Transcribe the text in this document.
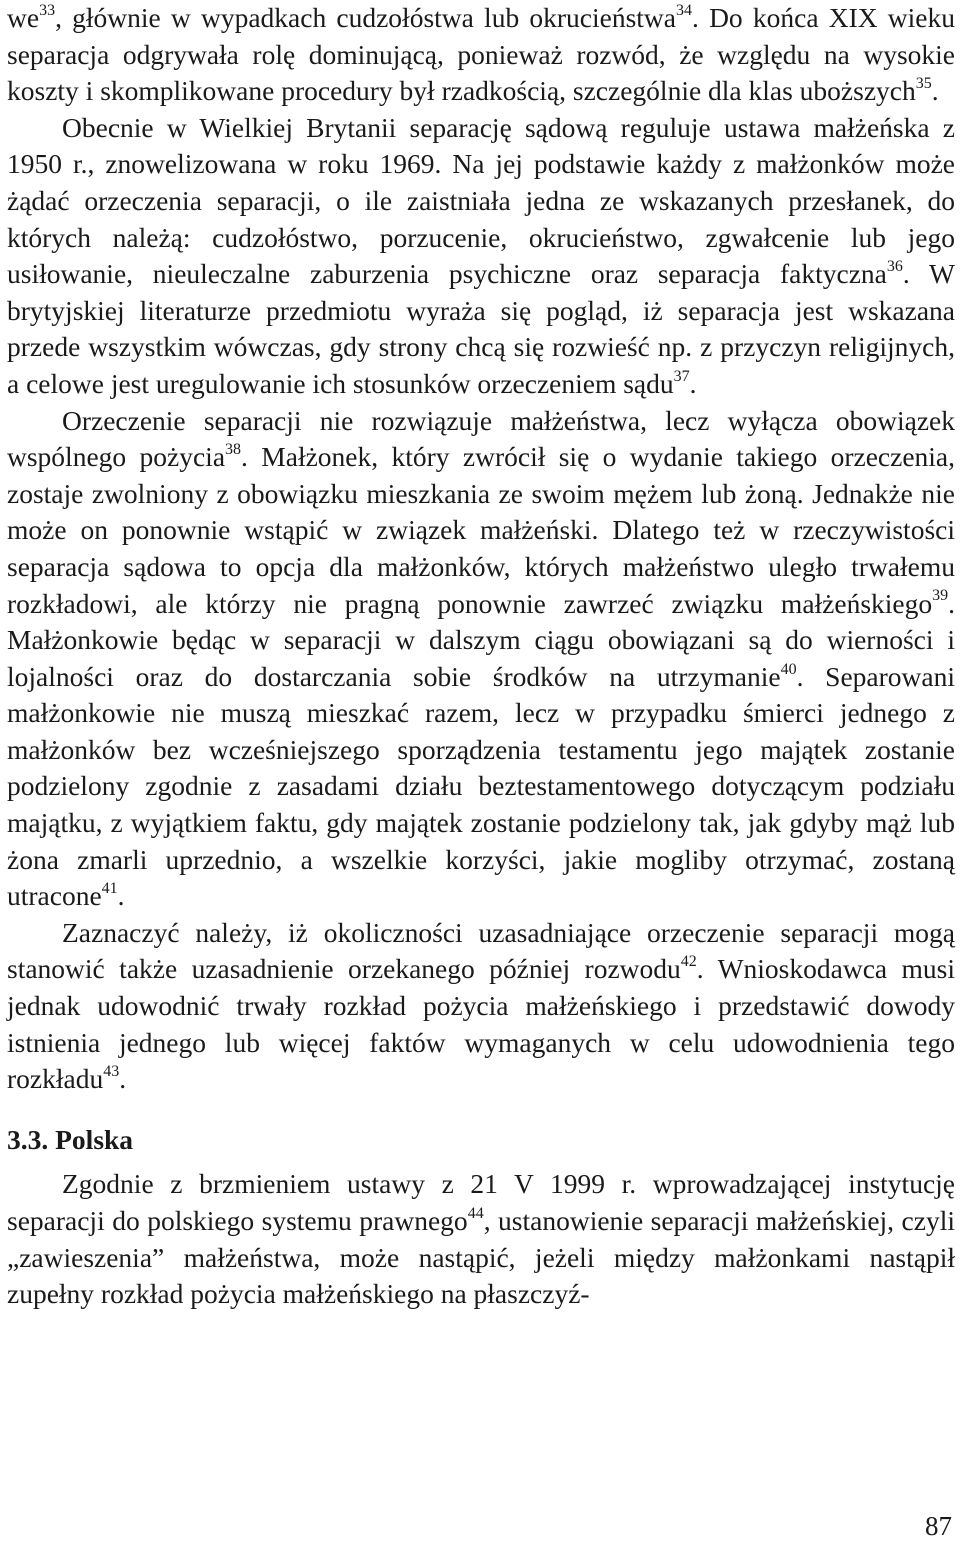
$we^{33}$, głównie w wypadkach cudzołóstwa lub okrucieństwa$^{34}$. Do końca XIX wieku separacja odgrywała rolę dominującą, ponieważ rozwód, że względu na wysokie koszty i skomplikowane procedury był rzadkością, szczególnie dla klas uboższych$^{35}$.

Obecnie w Wielkiej Brytanii separację sądową reguluje ustawa małżeńska z 1950 r., znowelizowana w roku 1969. Na jej podstawie każdy z małżonków może żądać orzeczenia separacji, o ile zaistniała jedna ze wskazanych przesłanek, do których należą: cudzołóstwo, porzucenie, okrucieństwo, zgwałcenie lub jego usiłowanie, nieuleczalne zaburzenia psychiczne oraz separacja faktyczna$^{36}$. W brytyjskiej literaturze przedmiotu wyraża się pogląd, iż separacja jest wskazana przede wszystkim wówczas, gdy strony chcą się rozwieść np. z przyczyn religijnych, a celowe jest uregulowanie ich stosunków orzeczeniem sądu$^{37}$.

Orzeczenie separacji nie rozwiązuje małżeństwa, lecz wyłącza obowiązek wspólnego pożycia$^{38}$. Małżonek, który zwrócił się o wydanie takiego orzeczenia, zostaje zwolniony z obowiązku mieszkania ze swoim mężem lub żoną. Jednakże nie może on ponownie wstąpić w związek małżeński. Dlatego też w rzeczywistości separacja sądowa to opcja dla małżonków, których małżeństwo uległo trwałemu rozkładowi, ale którzy nie pragną ponownie zawrzeć związku małżeńskiego$^{39}$. Małżonkowie będąc w separacji w dalszym ciągu obowiązani są do wierności i lojalności oraz do dostarczania sobie środków na utrzymanie$^{40}$. Separowani małżonkowie nie muszą mieszkać razem, lecz w przypadku śmierci jednego z małżonków bez wcześniejszego sporządzenia testamentu jego majątek zostanie podzielony zgodnie z zasadami działu beztestamentowego dotyczącym podziału majątku, z wyjątkiem faktu, gdy majątek zostanie podzielony tak, jak gdyby mąż lub żona zmarli uprzednio, a wszelkie korzyści, jakie mogliby otrzymać, zostaną utracone$^{41}$.

Zaznaczyć należy, iż okoliczności uzasadniające orzeczenie separacji mogą stanowić także uzasadnienie orzekanego później rozwodu$^{42}$. Wnioskodawca musi jednak udowodnić trwały rozkład pożycia małżeńskiego i przedstawić dowody istnienia jednego lub więcej faktów wymaganych w celu udowodnienia tego rozkładu$^{43}$.

3.3. Polska

Zgodnie z brzmieniem ustawy z 21 V 1999 r. wprowadzającej instytucję separacji do polskiego systemu prawnego$^{44}$, ustanowienie separacji małżeńskiej, czyli „zawieszenia” małżeństwa, może nastąpić, jeżeli między małżonkami nastąpił zupełny rozkład pożycia małżeńskiego na płaszczyź-

87
